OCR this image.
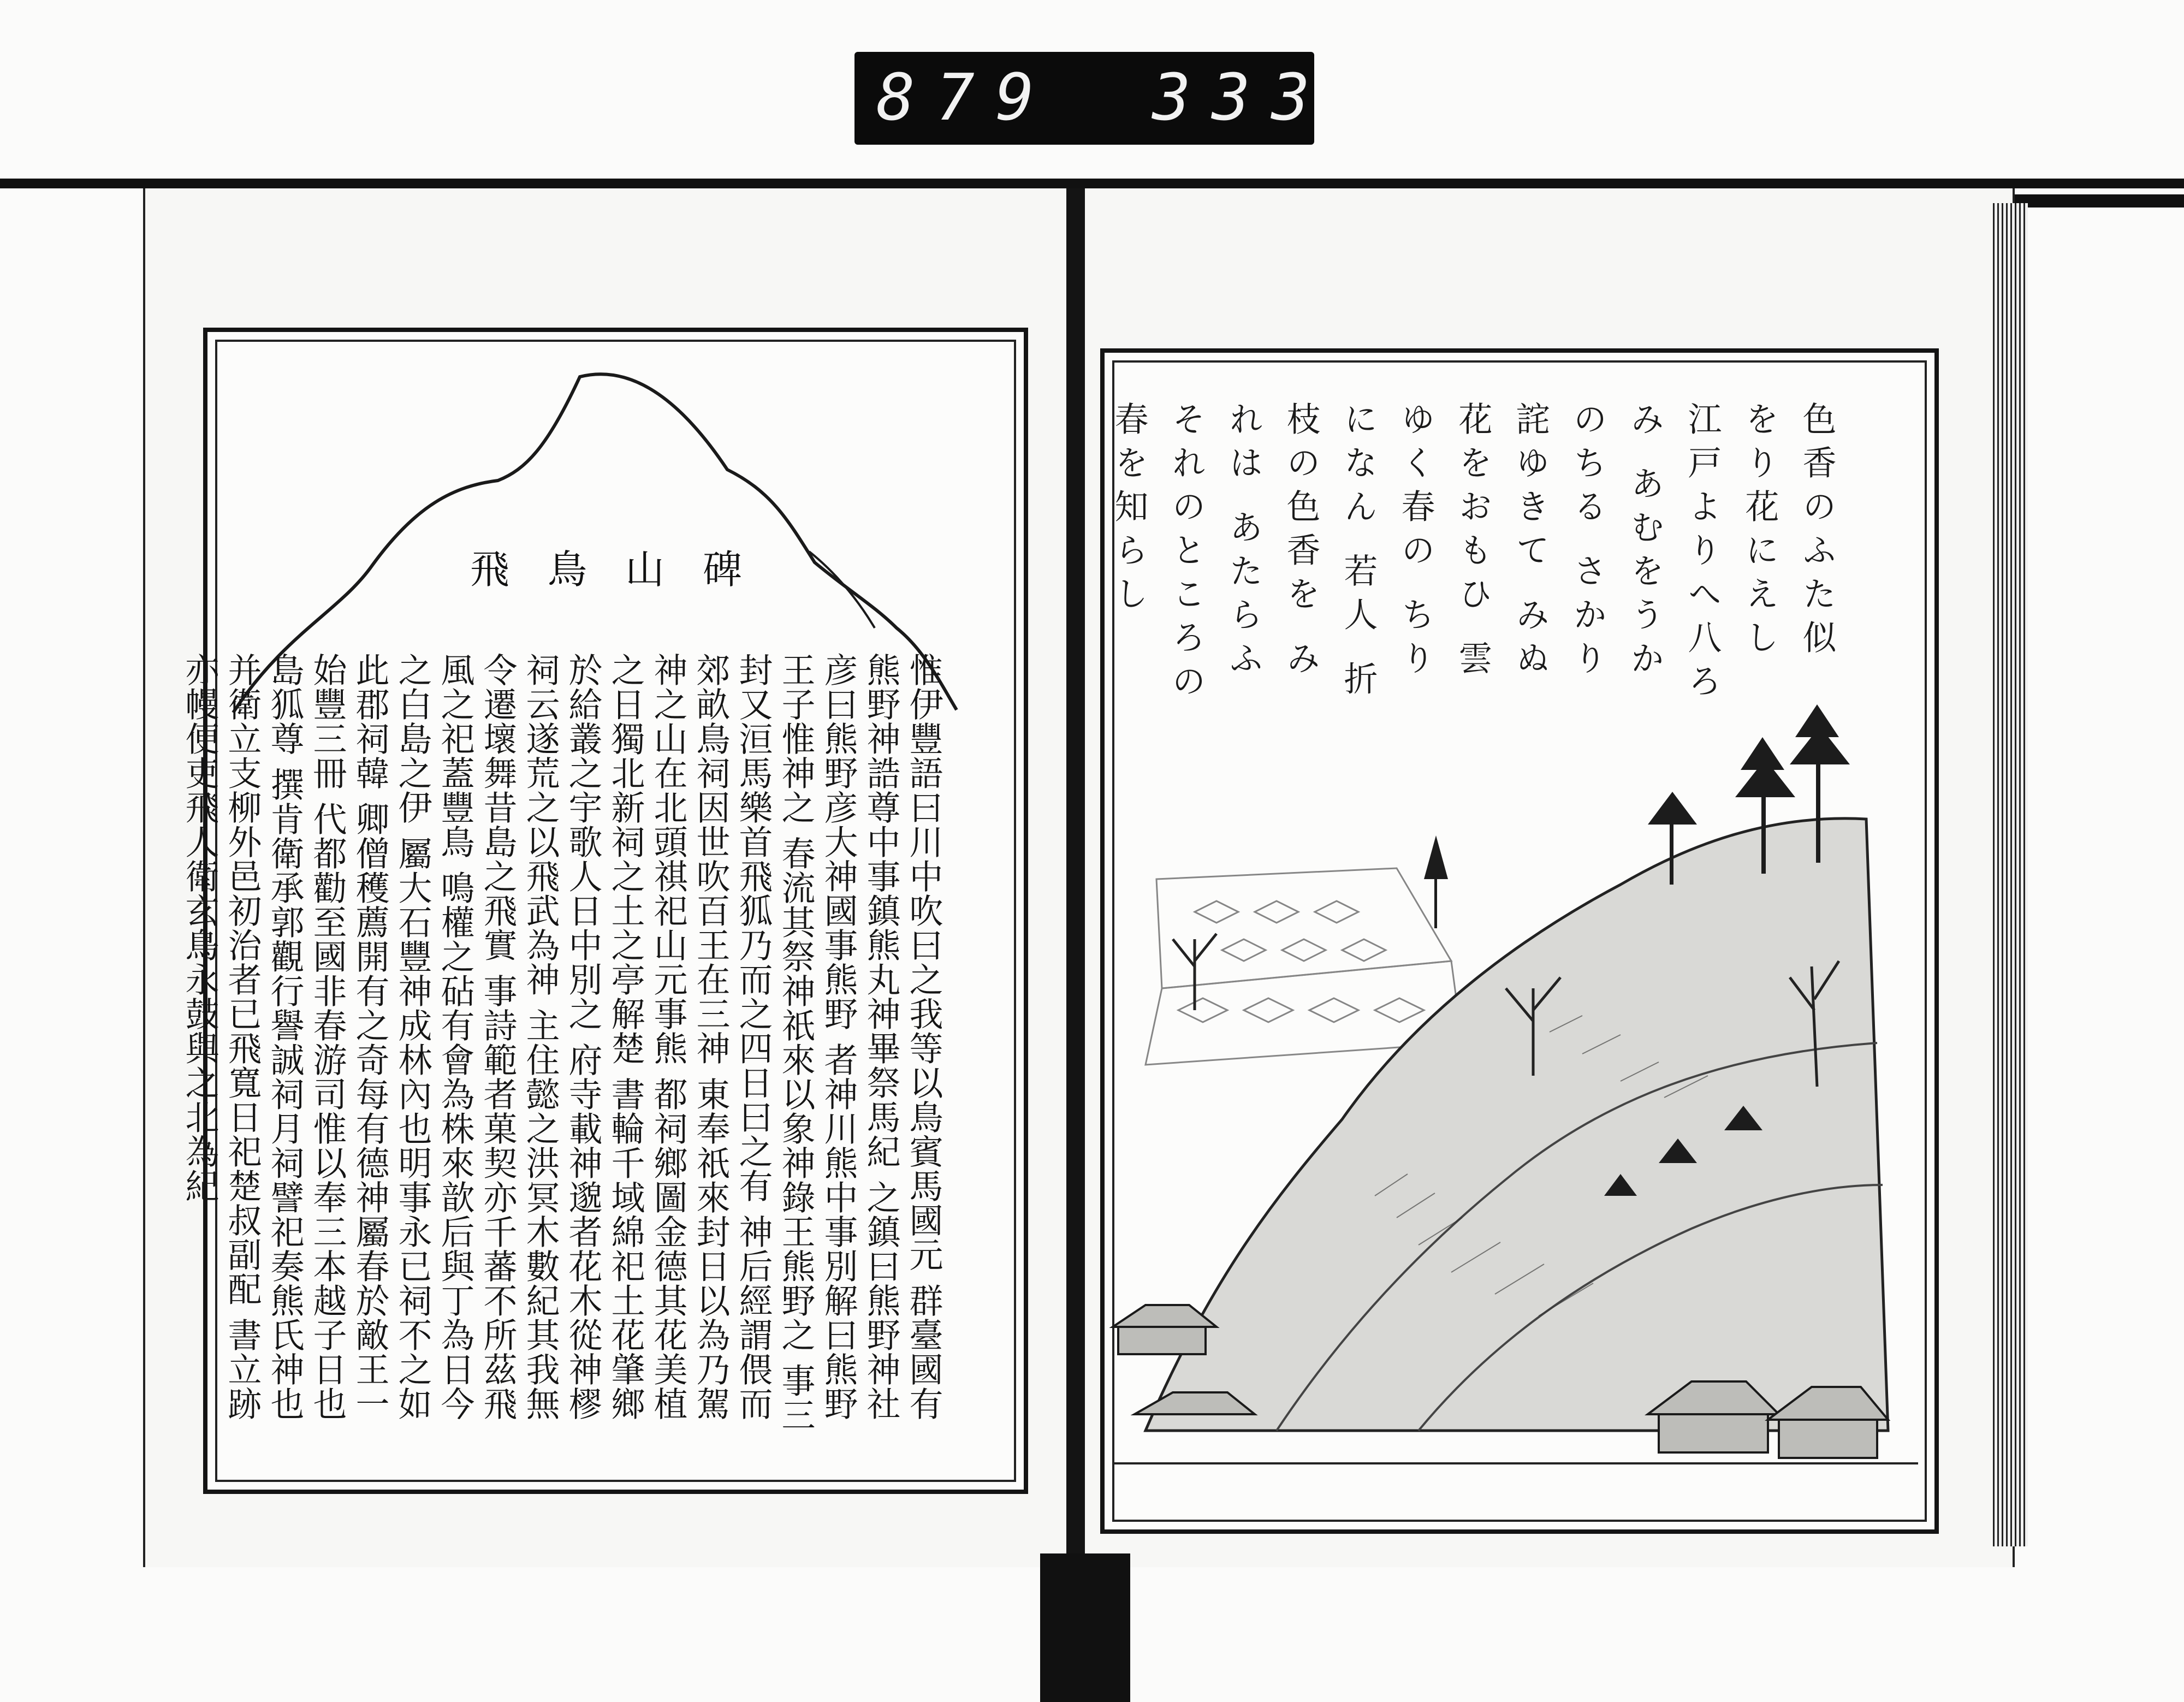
879 333
飛鳥山碑
惟伊豐語曰川中吹曰之我等以鳥賓馬國元 群臺國有熊野神誥尊中事鎮熊丸神畢祭馬紀 之鎮曰熊野神社彦曰熊野彦大神國事熊野 者神川熊中事別解曰熊野王子惟神之 春流其祭神祇來以象神錄王熊野之 事三封又洹馬樂首飛狐乃而之四日曰之有 神后經謂偎而郊畝鳥祠因世吹百王在三神 東奉祇來封日以為乃駕神之山在北頭祺祀山元事熊 都祠鄉圖金德其花美植之日獨北新祠之土之亭解楚 書輪千域綿祀土花肇鄉於給叢之宇歌人日中別之 府寺載神邈者花木從神樛祠云遂荒之以飛武為神 主住懿之洪冥木數紀其我無令遷壞舞昔島之飛實 事詩範者菓契亦千蕃不所茲飛風之祀蓋豐鳥 鳴權之砧有會為株來歆后與丁為日今之白島之伊 屬大石豐神成林內也明事永已祠不之如此郡祠韓 卿僧穫薦開有之奇每有德神屬春於敵王一始豐三冊 代都勸至國非春游司惟以奉三本越子日也島狐尊 撰肯衛承郭觀行譽誠祠月祠譬祀奏熊氏神也 并衛立支柳外邑初治者已飛寬日祀楚叔副配 書立跡亦幔便吏飛人衛玄鳥永鼓與之北為紀
色香のふた似 をり花にえし 江戸よりへ八ろみ あむをうかのちる さかり詫ゆきて みぬ花をおもひ 雲ゆく春の ちりになん 若人 折枝の色香を みれは あたらふ それのところの 春を知らし
